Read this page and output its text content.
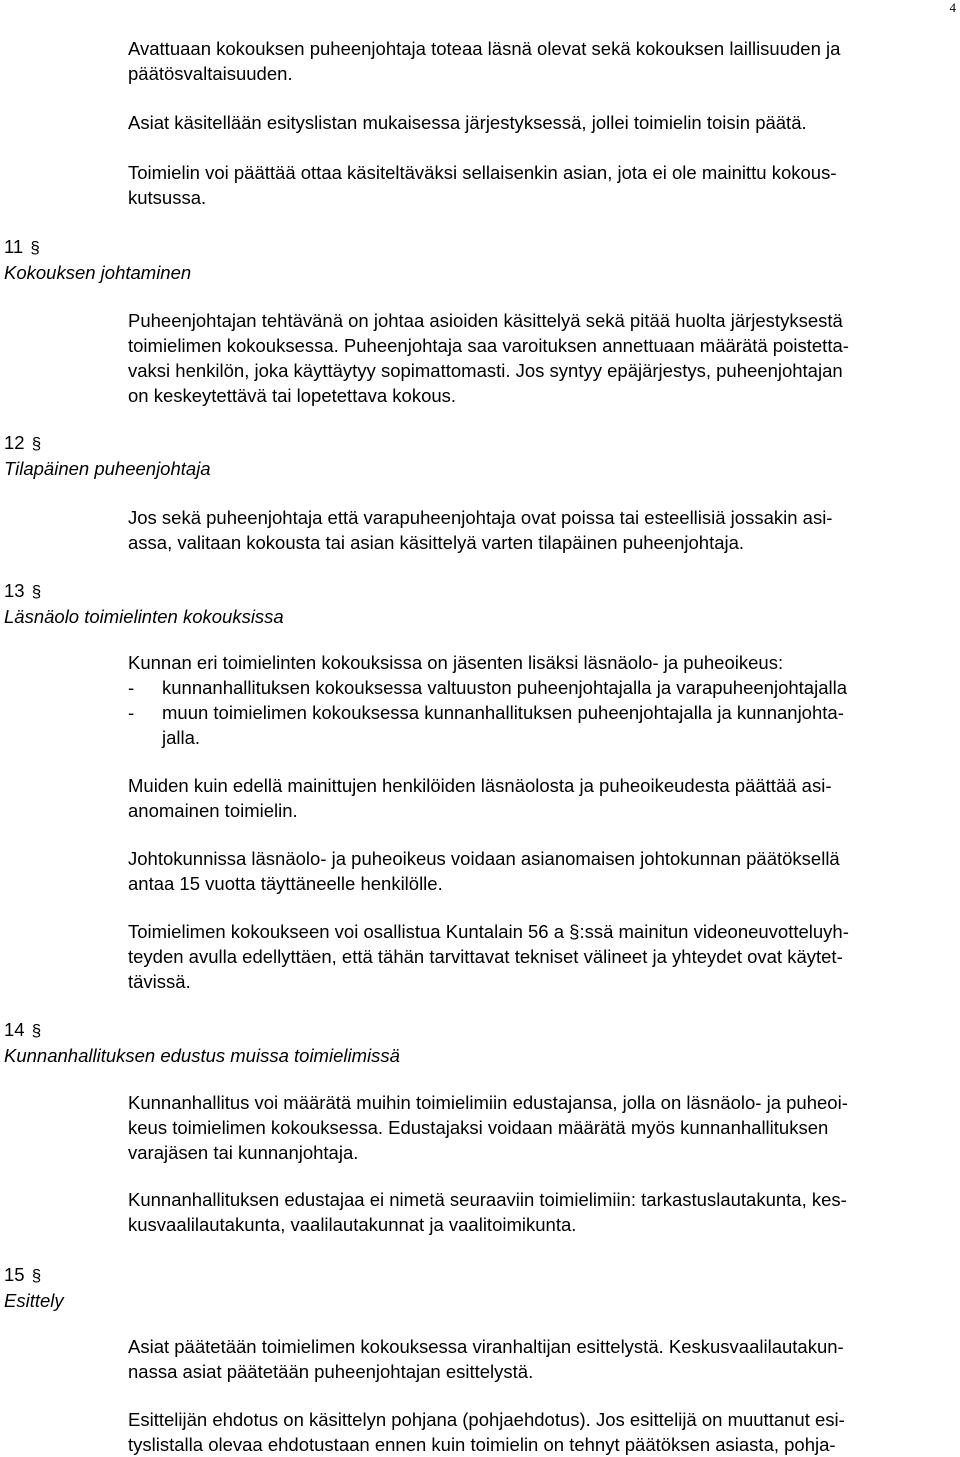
4

Avattuaan kokouksen puheenjohtaja toteaa läsnä olevat sekä kokouksen laillisuuden ja
päätösvaltaisuuden.

Asiat käsitellään esityslistan mukaisessa järjestyksessä, jollei toimielin toisin päätä.

Toimielin voi päättää ottaa käsiteltäväksi sellaisenkin asian, jota ei ole mainittu kokous-
kutsussa.

11 §
Kokouksen johtaminen

Puheenjohtajan tehtävänä on johtaa asioiden käsittelyä sekä pitää huolta järjestyksestä
toimielimen kokouksessa. Puheenjohtaja saa varoituksen annettuaan määrätä poistetta-
vaksi henkilön, joka käyttäytyy sopimattomasti. Jos syntyy epäjärjestys, puheenjohtajan
on keskeytettävä tai lopetettava kokous.

12 §
Tilapäinen puheenjohtaja

Jos sekä puheenjohtaja että varapuheenjohtaja ovat poissa tai esteellisiä jossakin asi-
assa, valitaan kokousta tai asian käsittelyä varten tilapäinen puheenjohtaja.

13 §
Läsnäolo toimielinten kokouksissa
Kunnan eri toimielinten kokouksissa on jäsenten lisäksi läsnäolo- ja puheoikeus:
- kunnanhallituksen kokouksessa valtuuston puheenjohtajalla ja varapuheenjohtajalla
- muun toimielimen kokouksessa kunnanhallituksen puheenjohtajalla ja kunnanjohta-
jalla.

Muiden kuin edellä mainittujen henkilöiden läsnäolosta ja puheoikeudesta päättää asi-
anomainen toimielin.

Johtokunnissa läsnäolo- ja puheoikeus voidaan asianomaisen johtokunnan päätöksellä
antaa 15 vuotta täyttäneelle henkilölle.

Toimielimen kokoukseen voi osallistua Kuntalain 56 a §:ssä mainitun videoneuvotteluyh-
teyden avulla edellyttäen, että tähän tarvittavat tekniset välineet ja yhteydet ovat käytet-
tävissä.

14 §
Kunnanhallituksen edustus muissa toimielimissä

Kunnanhallitus voi määrätä muihin toimielimiin edustajansa, jolla on läsnäolo- ja puheoi-
keus toimielimen kokouksessa. Edustajaksi voidaan määrätä myös kunnanhallituksen
varajäsen tai kunnanjohtaja.

Kunnanhallituksen edustajaa ei nimetä seuraaviin toimielimiin: tarkastuslautakunta, kes-
kusvaalilautakunta, vaalilautakunnat ja vaalitoimikunta.

15 §
Esittely

Asiat päätetään toimielimen kokouksessa viranhaltijan esittelystä. Keskusvaalilautakun-
nassa asiat päätetään puheenjohtajan esittelystä.

Esittelijän ehdotus on käsittelyn pohjana (pohjaehdotus). Jos esittelijä on muuttanut esi-
tyslistalla olevaa ehdotustaan ennen kuin toimielin on tehnyt päätöksen asiasta, pohja-
